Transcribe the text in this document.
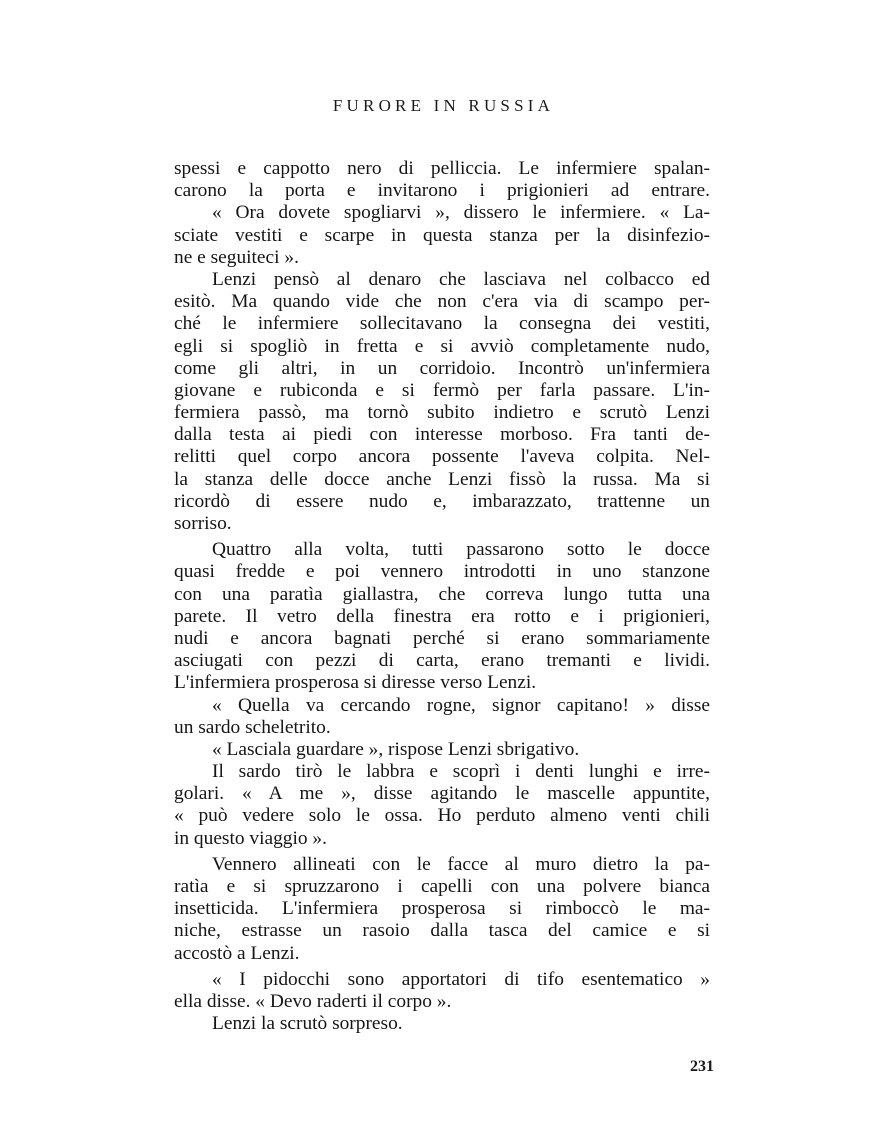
FURORE IN RUSSIA
spessi e cappotto nero di pelliccia. Le infermiere spalan-
carono la porta e invitarono i prigionieri ad entrare.
« Ora dovete spogliarvi », dissero le infermiere. « La-
sciate vestiti e scarpe in questa stanza per la disinfezio-
ne e seguiteci ».
Lenzi pensò al denaro che lasciava nel colbacco ed
esitò. Ma quando vide che non c'era via di scampo per-
ché le infermiere sollecitavano la consegna dei vestiti,
egli si spogliò in fretta e si avviò completamente nudo,
come gli altri, in un corridoio. Incontrò un'infermiera
giovane e rubiconda e si fermò per farla passare. L'in-
fermiera passò, ma tornò subito indietro e scrutò Lenzi
dalla testa ai piedi con interesse morboso. Fra tanti de-
relitti quel corpo ancora possente l'aveva colpita. Nel-
la stanza delle docce anche Lenzi fissò la russa. Ma si
ricordò di essere nudo e, imbarazzato, trattenne un
sorriso.
Quattro alla volta, tutti passarono sotto le docce
quasi fredde e poi vennero introdotti in uno stanzone
con una paratìa giallastra, che correva lungo tutta una
parete. Il vetro della finestra era rotto e i prigionieri,
nudi e ancora bagnati perché si erano sommariamente
asciugati con pezzi di carta, erano tremanti e lividi.
L'infermiera prosperosa si diresse verso Lenzi.
« Quella va cercando rogne, signor capitano! » disse
un sardo scheletrito.
« Lasciala guardare », rispose Lenzi sbrigativo.
Il sardo tirò le labbra e scoprì i denti lunghi e irre-
golari. « A me », disse agitando le mascelle appuntite,
« può vedere solo le ossa. Ho perduto almeno venti chili
in questo viaggio ».
Vennero allineati con le facce al muro dietro la pa-
ratìa e si spruzzarono i capelli con una polvere bianca
insetticida. L'infermiera prosperosa si rimboccò le ma-
niche, estrasse un rasoio dalla tasca del camice e si
accostò a Lenzi.
« I pidocchi sono apportatori di tifo esentematico »
ella disse. « Devo raderti il corpo ».
Lenzi la scrutò sorpreso.
231
